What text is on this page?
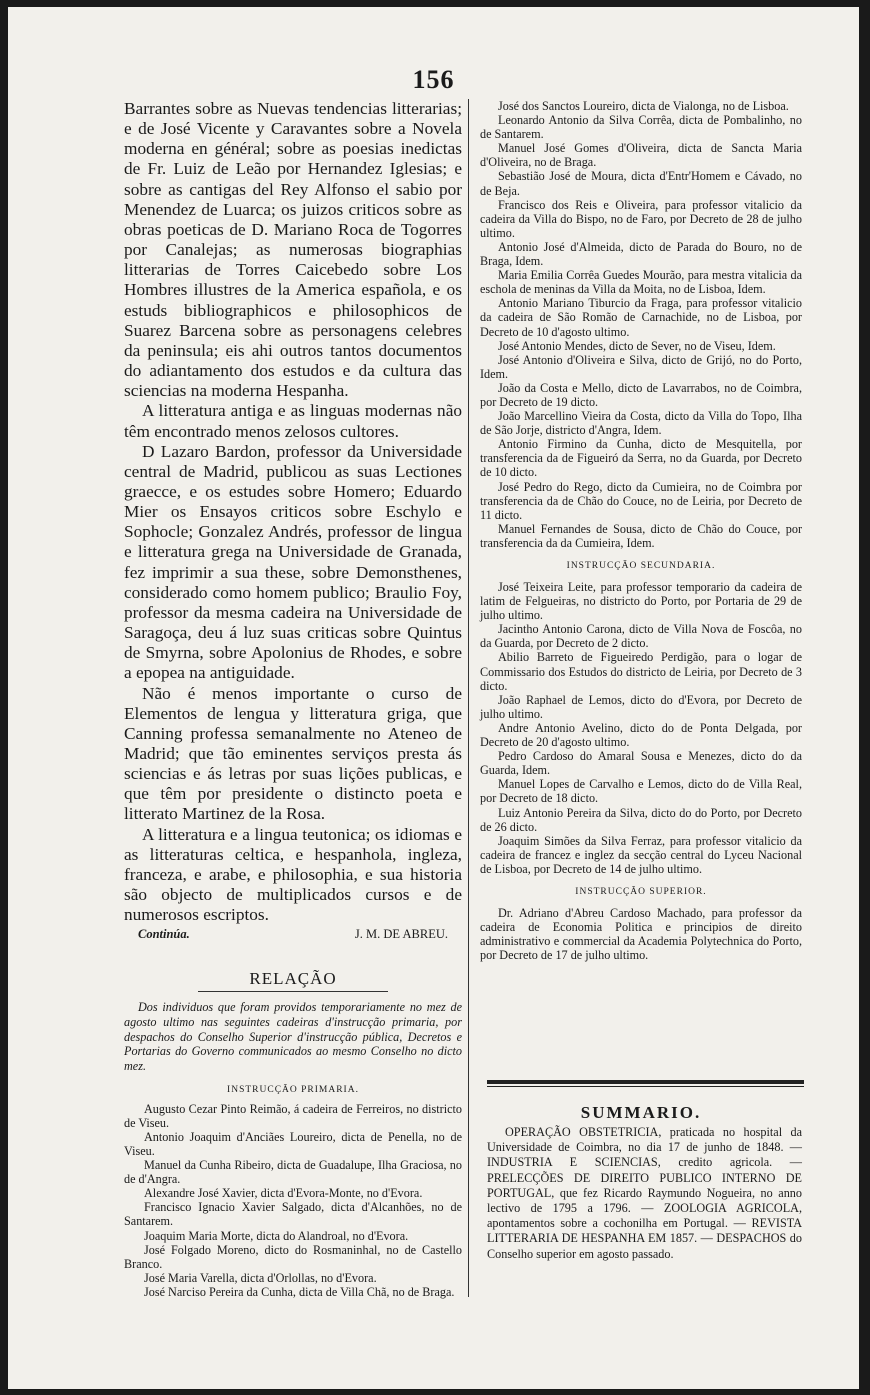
156

Barrantes sobre as Nuevas tendencias litterarias; e de José Vicente y Caravantes sobre a Novela moderna en général; sobre as poesias inedictas de Fr. Luiz de Leão por Hernandez Iglesias; e sobre as cantigas del Rey Alfonso el sabio por Menendez de Luarca; os juizos criticos sobre as obras poeticas de D. Mariano Roca de Togorres por Canalejas; as numerosas biographias litterarias de Torres Caicebedo sobre Los Hombres illustres de la America española, e os estuds bibliographicos e philosophicos de Suarez Barcena sobre as personagens celebres da peninsula; eis ahi outros tantos documentos do adiantamento dos estudos e da cultura das sciencias na moderna Hespanha.

A litteratura antiga e as linguas modernas não têm encontrado menos zelosos cultores.

D Lazaro Bardon, professor da Universidade central de Madrid, publicou as suas Lectiones graecce, e os estudes sobre Homero; Eduardo Mier os Ensayos criticos sobre Eschylo e Sophocle; Gonzalez Andrés, professor de lingua e litteratura grega na Universidade de Granada, fez imprimir a sua these, sobre Demonsthenes, considerado como homem publico; Braulio Foy, professor da mesma cadeira na Universidade de Saragoça, deu á luz suas criticas sobre Quintus de Smyrna, sobre Apolonius de Rhodes, e sobre a epopea na antiguidade.

Não é menos importante o curso de Elementos de lengua y litteratura griga, que Canning professa semanalmente no Ateneo de Madrid; que tão eminentes serviços presta ás sciencias e ás letras por suas lições publicas, e que têm por presidente o distincto poeta e litterato Martinez de la Rosa.

A litteratura e a lingua teutonica; os idiomas e as litteraturas celtica, e hespanhola, ingleza, franceza, e arabe, e philosophia, e sua historia são objecto de multiplicados cursos e de numerosos escriptos.

Continúa.	J. M. DE ABREU.
RELAÇÃO

Dos individuos que foram providos temporariamente no mez de agosto ultimo nas seguintes cadeiras d'instrucção primaria, por despachos do Conselho Superior d'instrucção pública, Decretos e Portarias do Governo communicados ao mesmo Conselho no dicto mez.

INSTRUCÇÃO PRIMARIA.

Augusto Cezar Pinto Reimão, á cadeira de Ferreiros, no districto de Viseu.

Antonio Joaquim d'Anciães Loureiro, dicta de Penella, no de Viseu.

Manuel da Cunha Ribeiro, dicta de Guadalupe, Ilha Graciosa, no de d'Angra.

Alexandre José Xavier, dicta d'Evora-Monte, no d'Evora.

Francisco Ignacio Xavier Salgado, dicta d'Alcanhões, no de Santarem.

Joaquim Maria Morte, dicta do Alandroal, no d'Evora.

José Folgado Moreno, dicto do Rosmaninhal, no de Castello Branco.

José Maria Varella, dicta d'Orlollas, no d'Evora.

José Narciso Pereira da Cunha, dicta de Villa Chã, no de Braga.

José dos Sanctos Loureiro, dicta de Vialonga, no de Lisboa.

Leonardo Antonio da Silva Corrêa, dicta de Pombalinho, no de Santarem.

Manuel José Gomes d'Oliveira, dicta de Sancta Maria d'Oliveira, no de Braga.

Sebastião José de Moura, dicta d'Entr'Homem e Cávado, no de Beja.

Francisco dos Reis e Oliveira, para professor vitalicio da cadeira da Villa do Bispo, no de Faro, por Decreto de 28 de julho ultimo.

Antonio José d'Almeida, dicto de Parada do Bouro, no de Braga, Idem.

Maria Emilia Corrêa Guedes Mourão, para mestra vitalicia da eschola de meninas da Villa da Moita, no de Lisboa, Idem.

Antonio Mariano Tiburcio da Fraga, para professor vitalicio da cadeira de São Romão de Carnachide, no de Lisboa, por Decreto de 10 d'agosto ultimo.

José Antonio Mendes, dicto de Sever, no de Viseu, Idem.

José Antonio d'Oliveira e Silva, dicto de Grijó, no do Porto, Idem.

João da Costa e Mello, dicto de Lavarrabos, no de Coimbra, por Decreto de 19 dicto.

João Marcellino Vieira da Costa, dicto da Villa do Topo, Ilha de São Jorje, districto d'Angra, Idem.

Antonio Firmino da Cunha, dicto de Mesquitella, por transferencia da de Figueiró da Serra, no da Guarda, por Decreto de 10 dicto.

José Pedro do Rego, dicto da Cumieira, no de Coimbra por transferencia da de Chão do Couce, no de Leiria, por Decreto de 11 dicto.

Manuel Fernandes de Sousa, dicto de Chão do Couce, por transferencia da da Cumieira, Idem.

INSTRUCÇÃO SECUNDARIA.

José Teixeira Leite, para professor temporario da cadeira de latim de Felgueiras, no districto do Porto, por Portaria de 29 de julho ultimo.

Jacintho Antonio Carona, dicto de Villa Nova de Foscôa, no da Guarda, por Decreto de 2 dicto.

Abilio Barreto de Figueiredo Perdigão, para o logar de Commissario dos Estudos do districto de Leiria, por Decreto de 3 dicto.

João Raphael de Lemos, dicto do d'Evora, por Decreto de julho ultimo.

Andre Antonio Avelino, dicto do de Ponta Delgada, por Decreto de 20 d'agosto ultimo.

Pedro Cardoso do Amaral Sousa e Menezes, dicto do da Guarda, Idem.

Manuel Lopes de Carvalho e Lemos, dicto do de Villa Real, por Decreto de 18 dicto.

Luiz Antonio Pereira da Silva, dicto do do Porto, por Decreto de 26 dicto.

Joaquim Simões da Silva Ferraz, para professor vitalicio da cadeira de francez e inglez da secção central do Lyceu Nacional de Lisboa, por Decreto de 14 de julho ultimo.

INSTRUCÇÃO SUPERIOR.

Dr. Adriano d'Abreu Cardoso Machado, para professor da cadeira de Economia Politica e principios de direito administrativo e commercial da Academia Polytechnica do Porto, por Decreto de 17 de julho ultimo.

SUMMARIO.

OPERAÇÃO OBSTETRICIA, praticada no hospital da Universidade de Coimbra, no dia 17 de junho de 1848. — INDUSTRIA E SCIENCIAS, credito agricola. — PRELECÇÕES DE DIREITO PUBLICO INTERNO DE PORTUGAL, que fez Ricardo Raymundo Nogueira, no anno lectivo de 1795 a 1796. — ZOOLOGIA AGRICOLA, apontamentos sobre a cochonilha em Portugal. — REVISTA LITTERARIA DE HESPANHA EM 1857. — DESPACHOS do Conselho superior em agosto passado.
